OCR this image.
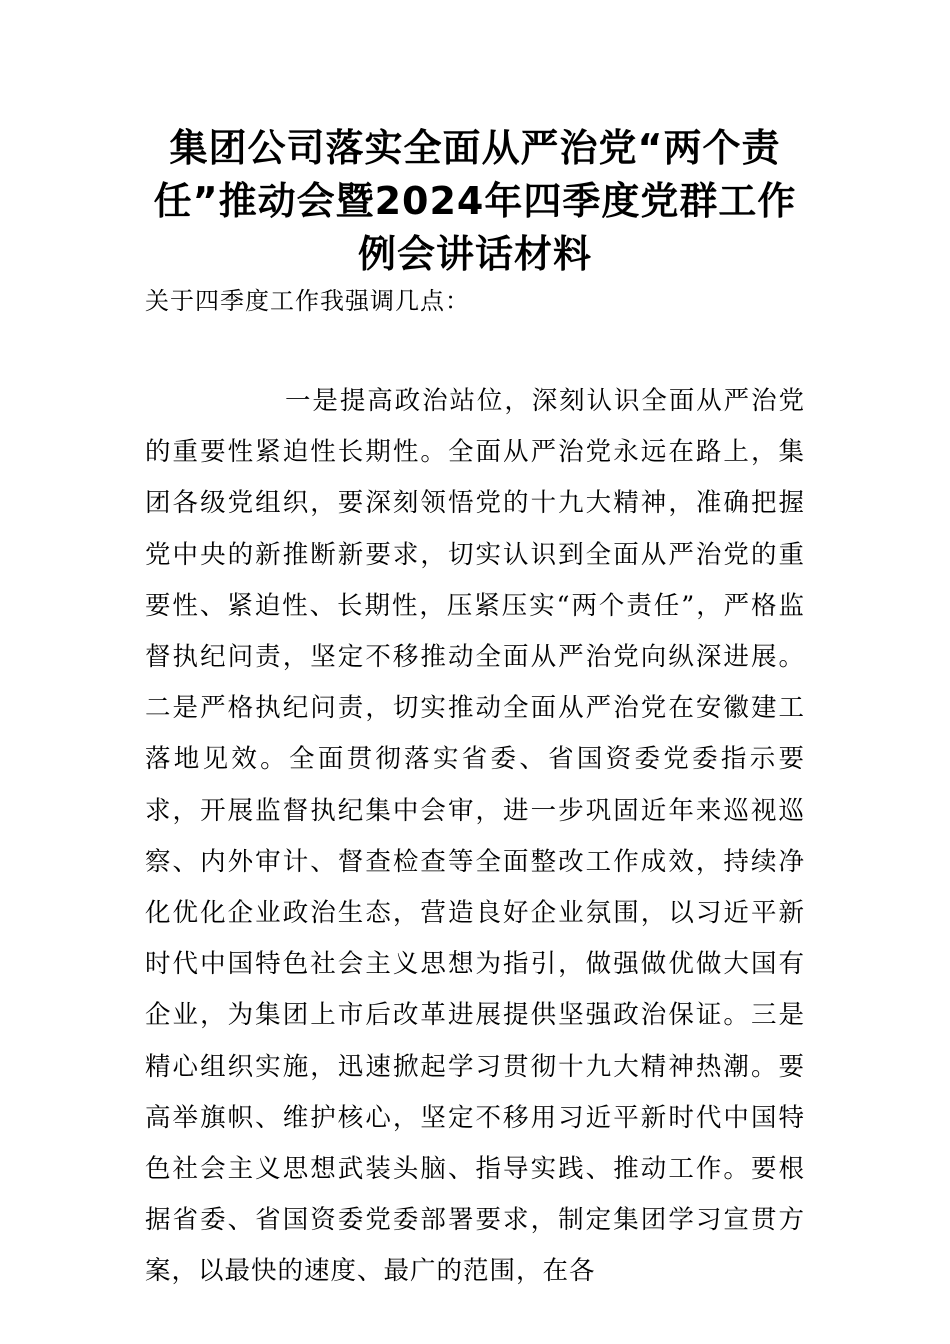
集团公司落实全面从严治党“两个责任”推动会暨2024年四季度党群工作例会讲话材料

关于四季度工作我强调几点：

一是提高政治站位，深刻认识全面从严治党的重要性紧迫性长期性。全面从严治党永远在路上，集团各级党组织，要深刻领悟党的十九大精神，准确把握党中央的新推断新要求，切实认识到全面从严治党的重要性、紧迫性、长期性，压紧压实“两个责任”，严格监督执纪问责，坚定不移推动全面从严治党向纵深进展。二是严格执纪问责，切实推动全面从严治党在安徽建工落地见效。全面贯彻落实省委、省国资委党委指示要求，开展监督执纪集中会审，进一步巩固近年来巡视巡察、内外审计、督查检查等全面整改工作成效，持续净化优化企业政治生态，营造良好企业氛围，以习近平新时代中国特色社会主义思想为指引，做强做优做大国有企业，为集团上市后改革进展提供坚强政治保证。三是精心组织实施，迅速掀起学习贯彻十九大精神热潮。要高举旗帜、维护核心，坚定不移用习近平新时代中国特色社会主义思想武装头脑、指导实践、推动工作。要根据省委、省国资委党委部署要求，制定集团学习宣贯方案，以最快的速度、最广的范围，在各
